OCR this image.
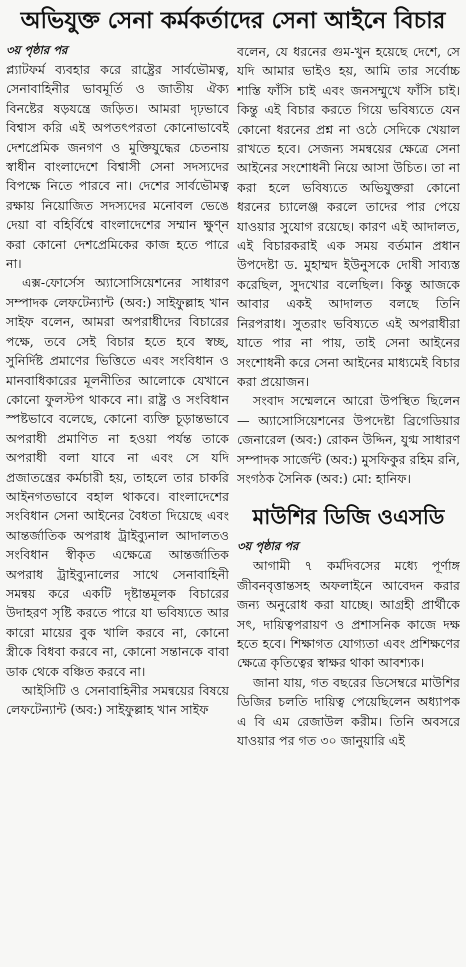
অভিযুক্ত সেনা কর্মকর্তাদের সেনা আইনে বিচার
৩য় পৃষ্ঠার পর

প্ল্যাটফর্ম ব্যবহার করে রাষ্ট্রের সার্বভৌমত্ব, সেনাবাহিনীর ভাবমূর্তি ও জাতীয় ঐক্য বিনষ্টের ষড়যন্ত্রে জড়িত। আমরা দৃঢ়ভাবে বিশ্বাস করি এই অপতৎপরতা কোনোভাবেই দেশপ্রেমিক জনগণ ও মুক্তিযুদ্ধের চেতনায় স্বাধীন বাংলাদেশে বিশ্বাসী সেনা সদস্যদের বিপক্ষে নিতে পারবে না। দেশের সার্বভৌমত্ব রক্ষায় নিয়োজিত সদস্যদের মনোবল ভেঙে দেয়া বা বহির্বিশ্বে বাংলাদেশের সম্মান ক্ষুণ্ন করা কোনো দেশপ্রেমিকের কাজ হতে পারে না।

এক্স-ফোর্সেস অ্যাসোসিয়েশনের সাধারণ সম্পাদক লেফটেন্যান্ট (অব:) সাইফুল্লাহ খান সাইফ বলেন, আমরা অপরাধীদের বিচারের পক্ষে, তবে সেই বিচার হতে হবে স্বচ্ছ, সুনির্দিষ্ট প্রমাণের ভিত্তিতে এবং সংবিধান ও মানবাধিকারের মূলনীতির আলোকে যেখানে কোনো ফুলস্টপ থাকবে না। রাষ্ট্র ও সংবিধান স্পষ্টভাবে বলেছে, কোনো ব্যক্তি চূড়ান্তভাবে অপরাধী প্রমাণিত না হওয়া পর্যন্ত তাকে অপরাধী বলা যাবে না এবং সে যদি প্রজাতন্ত্রের কর্মচারী হয়, তাহলে তার চাকরি আইনগতভাবে বহাল থাকবে। বাংলাদেশের সংবিধান সেনা আইনের বৈধতা দিয়েছে এবং আন্তর্জাতিক অপরাধ ট্রাইব্যুনাল আদালতও সংবিধান স্বীকৃত এক্ষেত্রে আন্তর্জাতিক অপরাধ ট্রাইব্যুনালের সাথে সেনাবাহিনী সমন্বয় করে একটি দৃষ্টান্তমূলক বিচারের উদাহরণ সৃষ্টি করতে পারে যা ভবিষ্যতে আর কারো মায়ের বুক খালি করবে না, কোনো স্ত্রীকে বিধবা করবে না, কোনো সন্তানকে বাবা ডাক থেকে বঞ্চিত করবে না।

আইসিটি ও সেনাবাহিনীর সমন্বয়ের বিষয়ে লেফটেন্যান্ট (অব:) সাইফুল্লাহ খান সাইফ

বলেন, যে ধরনের গুম-খুন হয়েছে দেশে, সে যদি আমার ভাইও হয়, আমি তার সর্বোচ্চ শাস্তি ফাঁসি চাই এবং জনসম্মুখে ফাঁসি চাই। কিন্তু এই বিচার করতে গিয়ে ভবিষ্যতে যেন কোনো ধরনের প্রশ্ন না ওঠে সেদিকে খেয়াল রাখতে হবে। সেজন্য সমন্বয়ের ক্ষেত্রে সেনা আইনের সংশোধনী নিয়ে আসা উচিত। তা না করা হলে ভবিষ্যতে অভিযুক্তরা কোনো ধরনের চ্যালেঞ্জ করলে তাদের পার পেয়ে যাওয়ার সুযোগ রয়েছে। কারণ এই আদালত, এই বিচারকরাই এক সময় বর্তমান প্রধান উপদেষ্টা ড. মুহাম্মদ ইউনুসকে দোষী সাব্যস্ত করেছিল, সুদখোর বলেছিল। কিন্তু আজকে আবার একই আদালত বলছে তিনি নিরপরাধ। সুতরাং ভবিষ্যতে এই অপরাধীরা যাতে পার না পায়, তাই সেনা আইনের সংশোধনী করে সেনা আইনের মাধ্যমেই বিচার করা প্রয়োজন।

সংবাদ সম্মেলনে আরো উপস্থিত ছিলেন— অ্যাসোসিয়েশনের উপদেষ্টা ব্রিগেডিয়ার জেনারেল (অব:) রোকন উদ্দিন, যুগ্ম সাধারণ সম্পাদক সার্জেন্ট (অব:) মুসফিকুর রহিম রনি, সংগঠক সৈনিক (অব:) মো: হানিফ।

মাউশির ডিজি ওএসডি
৩য় পৃষ্ঠার পর

আগামী ৭ কর্মদিবসের মধ্যে পূর্ণাঙ্গ জীবনবৃত্তান্তসহ অফলাইনে আবেদন করার জন্য অনুরোধ করা যাচ্ছে। আগ্রহী প্রার্থীকে সৎ, দায়িত্বপরায়ণ ও প্রশাসনিক কাজে দক্ষ হতে হবে। শিক্ষাগত যোগ্যতা এবং প্রশিক্ষণের ক্ষেত্রে কৃতিত্বের স্বাক্ষর থাকা আবশ্যক।

জানা যায়, গত বছরের ডিসেম্বরে মাউশির ডিজির চলতি দায়িত্ব পেয়েছিলেন অধ্যাপক এ বি এম রেজাউল করীম। তিনি অবসরে যাওয়ার পর গত ৩০ জানুয়ারি এই
